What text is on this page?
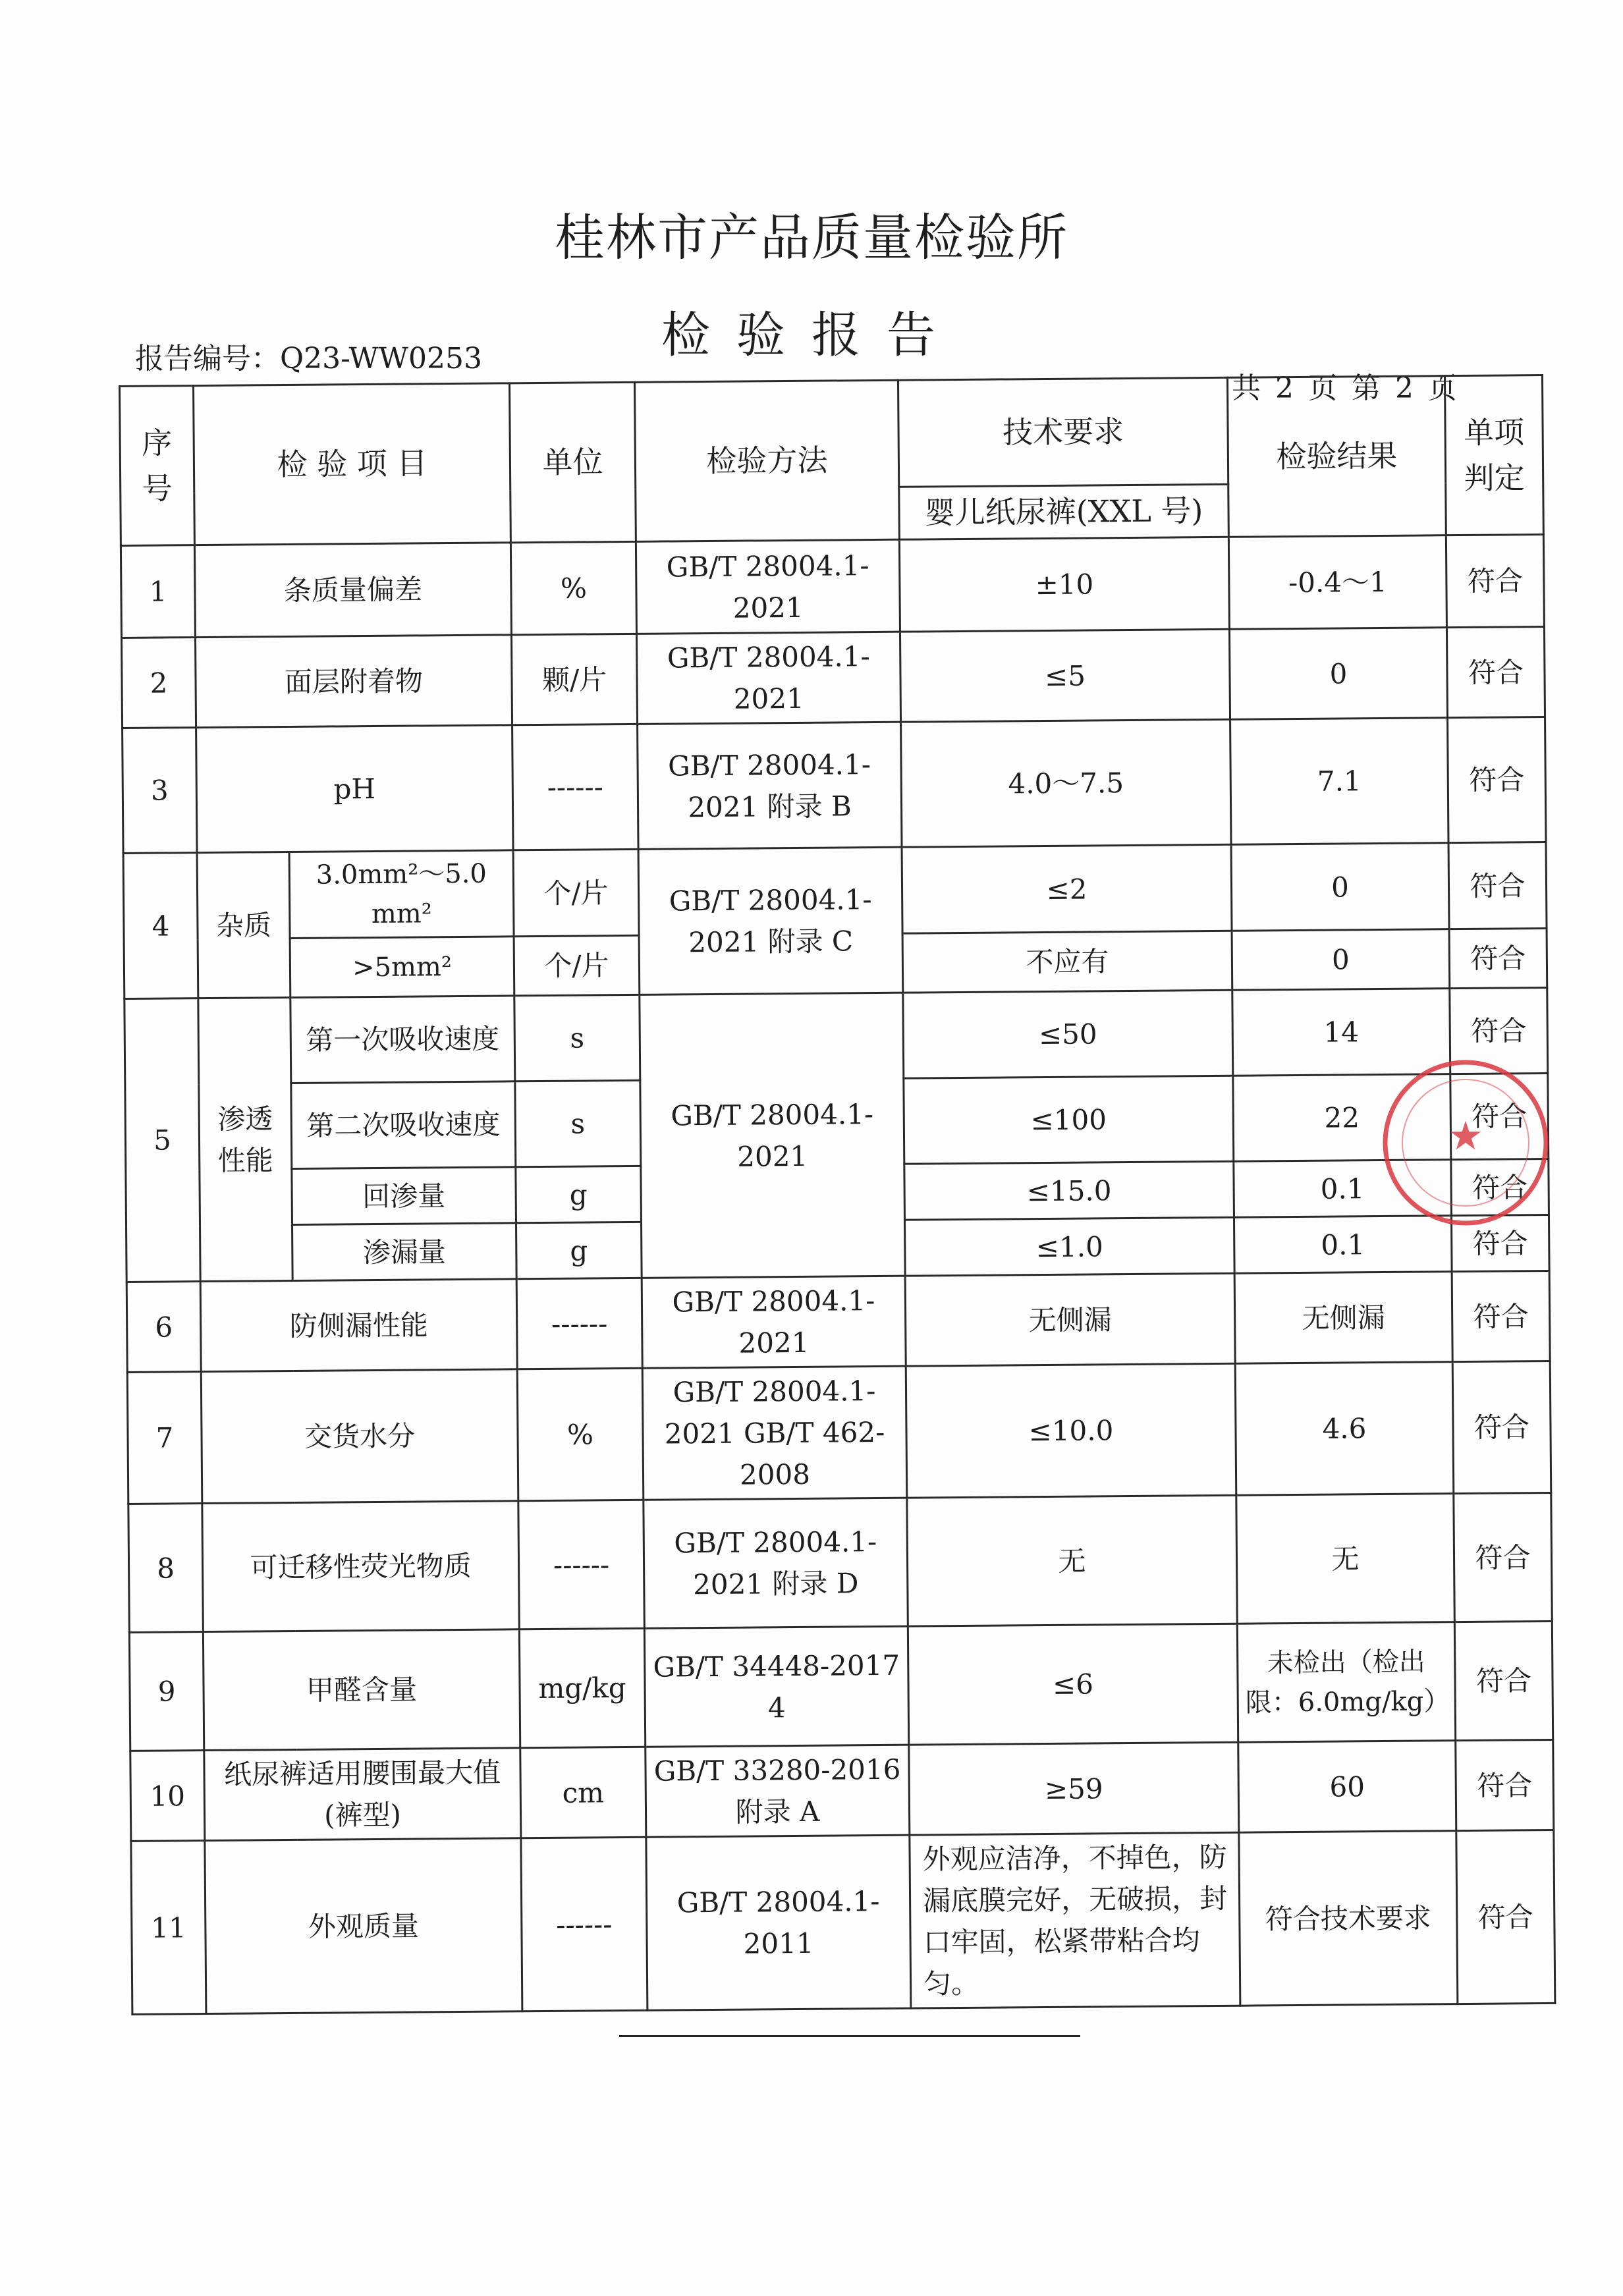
桂林市产品质量检验所
检验报告
报告编号：Q23-WW0253
共 2 页 第 2 页
序号	检 验 项 目		单位	检验方法	技术要求	检验结果	单项判定
					婴儿纸尿裤(XXL 号)		
1	条质量偏差		%	GB/T 28004.1-2021	±10	-0.4～1	符合
2	面层附着物		颗/片	GB/T 28004.1-2021	≤5	0	符合
3	pH		------	GB/T 28004.1-2021 附录 B	4.0～7.5	7.1	符合
4	杂质	3.0mm²～5.0 mm²	个/片	GB/T 28004.1-2021 附录 C	≤2	0	符合
		>5mm²	个/片		不应有	0	符合
5	渗透性能	第一次吸收速度	s	GB/T 28004.1-2021	≤50	14	符合
		第二次吸收速度	s		≤100	22	符合
		回渗量	g		≤15.0	0.1	符合
		渗漏量	g		≤1.0	0.1	符合
6	防侧漏性能		------	GB/T 28004.1-2021	无侧漏	无侧漏	符合
7	交货水分		%	GB/T 28004.1-2021 GB/T 462-2008	≤10.0	4.6	符合
8	可迁移性荧光物质		------	GB/T 28004.1-2021 附录 D	无	无	符合
9	甲醛含量		mg/kg	GB/T 34448-2017 4	≤6	未检出（检出限：6.0mg/kg）	符合
10	纸尿裤适用腰围最大值(裤型)		cm	GB/T 33280-2016 附录 A	≥59	60	符合
11	外观质量		------	GB/T 28004.1-2011	外观应洁净，不掉色，防漏底膜完好，无破损，封口牢固，松紧带粘合均匀。	符合技术要求	符合
★
